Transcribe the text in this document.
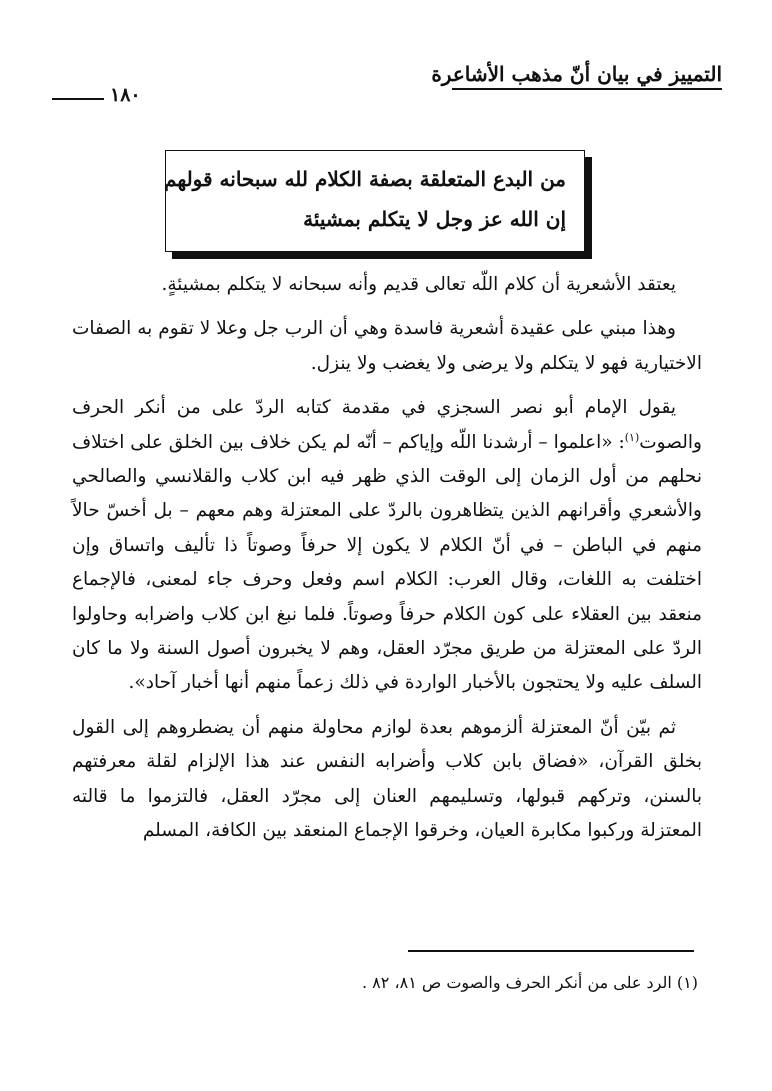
التمييز في بيان أنّ مذهب الأشاعرة
١٨٠
من البدع المتعلقة بصفة الكلام لله سبحانه قولهم
إن الله عز وجل لا يتكلم بمشيئة

يعتقد الأشعرية أن كلام اللّه تعالى قديم وأنه سبحانه لا يتكلم بمشيئةٍ.

وهذا مبني على عقيدة أشعرية فاسدة وهي أن الرب جل وعلا لا تقوم به الصفات الاختيارية فهو لا يتكلم ولا يرضى ولا يغضب ولا ينزل.

يقول الإمام أبو نصر السجزي في مقدمة كتابه الردّ على من أنكر الحرف والصوت$^{(١)}$: «اعلموا – أرشدنا اللّه وإياكم – أنّه لم يكن خلاف بين الخلق على اختلاف نحلهم من أول الزمان إلى الوقت الذي ظهر فيه ابن كلاب والقلانسي والصالحي والأشعري وأقرانهم الذين يتظاهرون بالردّ على المعتزلة وهم معهم – بل أخسّ حالاً منهم في الباطن – في أنّ الكلام لا يكون إلا حرفاً وصوتاً ذا تأليف واتساق وإن اختلفت به اللغات، وقال العرب: الكلام اسم وفعل وحرف جاء لمعنى، فالإجماع منعقد بين العقلاء على كون الكلام حرفاً وصوتاً. فلما نبغ ابن كلاب واضرابه وحاولوا الردّ على المعتزلة من طريق مجرّد العقل، وهم لا يخبرون أصول السنة ولا ما كان السلف عليه ولا يحتجون بالأخبار الواردة في ذلك زعماً منهم أنها أخبار آحاد».

ثم بيّن أنّ المعتزلة ألزموهم بعدة لوازم محاولة منهم أن يضطروهم إلى القول بخلق القرآن، «فضاق بابن كلاب وأضرابه النفس عند هذا الإلزام لقلة معرفتهم بالسنن، وتركهم قبولها، وتسليمهم العنان إلى مجرّد العقل، فالتزموا ما قالته المعتزلة وركبوا مكابرة العيان، وخرقوا الإجماع المنعقد بين الكافة، المسلم

(١) الرد على من أنكر الحرف والصوت ص ٨١، ٨٢ .
